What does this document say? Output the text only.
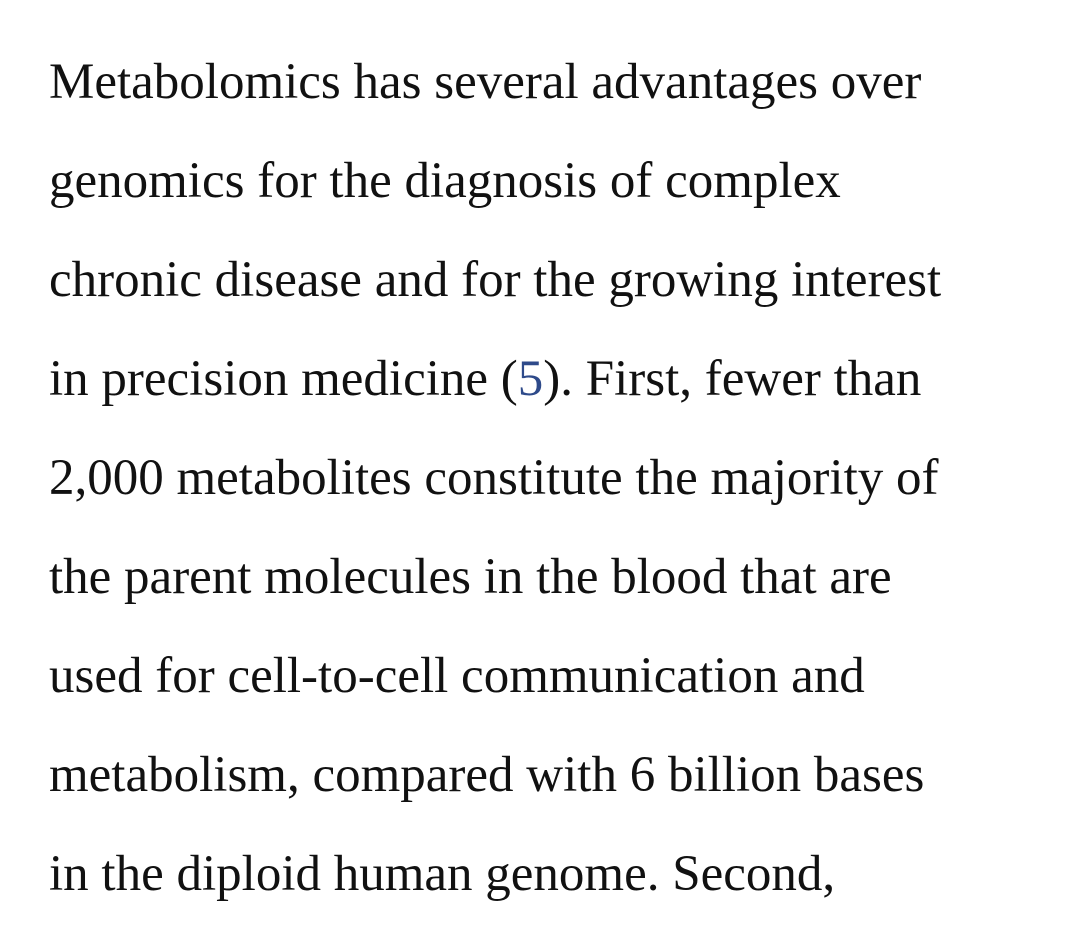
Metabolomics has several advantages over
genomics for the diagnosis of complex
chronic disease and for the growing interest
in precision medicine (5). First, fewer than
2,000 metabolites constitute the majority of
the parent molecules in the blood that are
used for cell-to-cell communication and
metabolism, compared with 6 billion bases
in the diploid human genome. Second,
